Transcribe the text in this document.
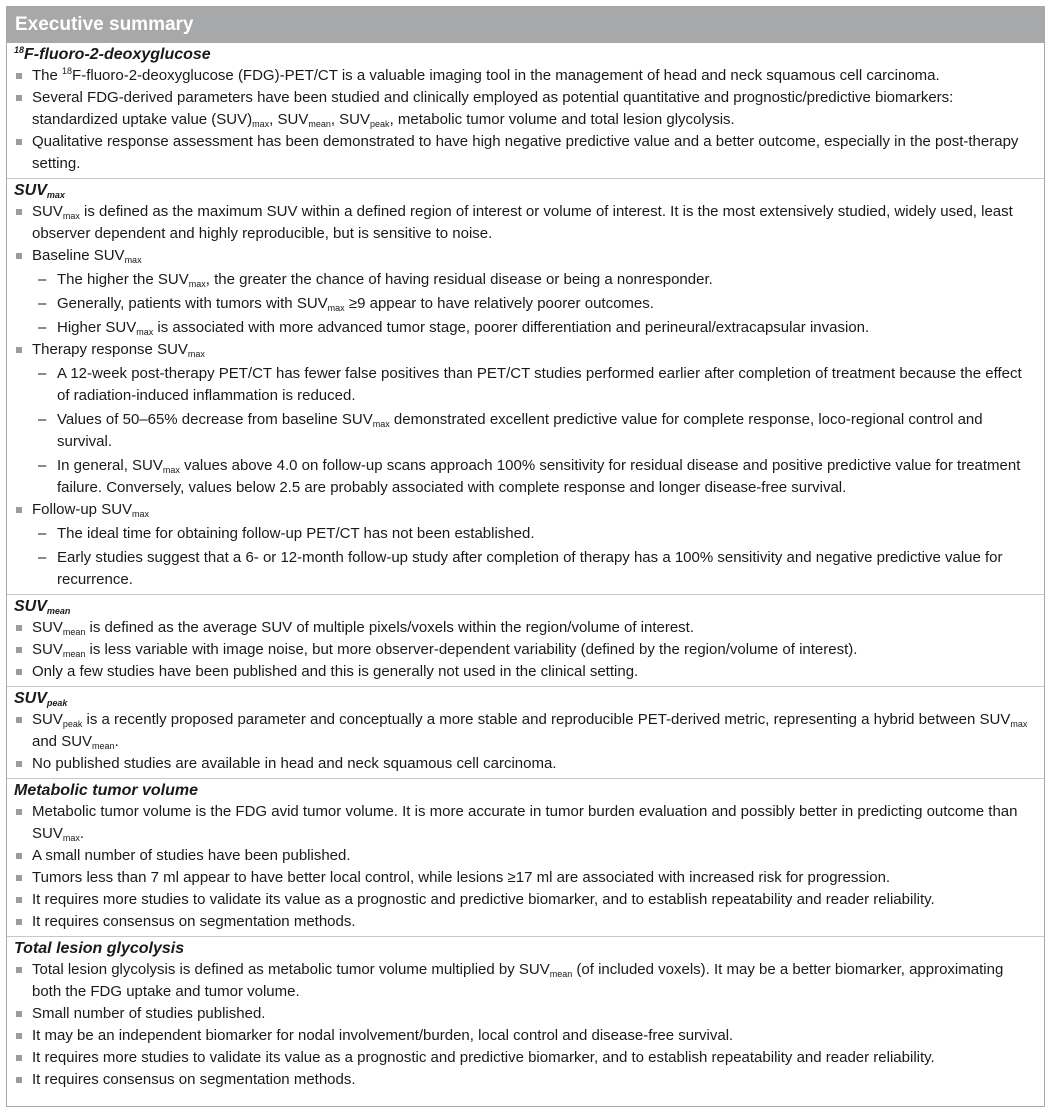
Executive summary
$^{18}$F-fluoro-2-deoxyglucose
The $^{18}$F-fluoro-2-deoxyglucose (FDG)-PET/CT is a valuable imaging tool in the management of head and neck squamous cell carcinoma.
Several FDG-derived parameters have been studied and clinically employed as potential quantitative and prognostic/predictive biomarkers: standardized uptake value $(SUV)_{max}$, $SUV_{mean}$, $SUV_{peak}$, metabolic tumor volume and total lesion glycolysis.
Qualitative response assessment has been demonstrated to have high negative predictive value and a better outcome, especially in the post-therapy setting.
$SUV_{max}$
$SUV_{max}$ is defined as the maximum SUV within a defined region of interest or volume of interest. It is the most extensively studied, widely used, least observer dependent and highly reproducible, but is sensitive to noise.
Baseline $SUV_{max}$
– The higher the $SUV_{max}$, the greater the chance of having residual disease or being a nonresponder.
– Generally, patients with tumors with $SUV_{max} \ge 9$ appear to have relatively poorer outcomes.
– Higher $SUV_{max}$ is associated with more advanced tumor stage, poorer differentiation and perineural/extracapsular invasion.
Therapy response $SUV_{max}$
– A 12-week post-therapy PET/CT has fewer false positives than PET/CT studies performed earlier after completion of treatment because the effect of radiation-induced inflammation is reduced.
– Values of 50–65% decrease from baseline $SUV_{max}$ demonstrated excellent predictive value for complete response, loco-regional control and survival.
– In general, $SUV_{max}$ values above 4.0 on follow-up scans approach 100% sensitivity for residual disease and positive predictive value for treatment failure. Conversely, values below 2.5 are probably associated with complete response and longer disease-free survival.
Follow-up $SUV_{max}$
– The ideal time for obtaining follow-up PET/CT has not been established.
– Early studies suggest that a 6- or 12-month follow-up study after completion of therapy has a 100% sensitivity and negative predictive value for recurrence.
$SUV_{mean}$
$SUV_{mean}$ is defined as the average SUV of multiple pixels/voxels within the region/volume of interest.
$SUV_{mean}$ is less variable with image noise, but more observer-dependent variability (defined by the region/volume of interest).
Only a few studies have been published and this is generally not used in the clinical setting.
$SUV_{peak}$
$SUV_{peak}$ is a recently proposed parameter and conceptually a more stable and reproducible PET-derived metric, representing a hybrid between $SUV_{max}$ and $SUV_{mean}$.
No published studies are available in head and neck squamous cell carcinoma.
Metabolic tumor volume
Metabolic tumor volume is the FDG avid tumor volume. It is more accurate in tumor burden evaluation and possibly better in predicting outcome than $SUV_{max}$.
A small number of studies have been published.
Tumors less than 7 ml appear to have better local control, while lesions ≥17 ml are associated with increased risk for progression.
It requires more studies to validate its value as a prognostic and predictive biomarker, and to establish repeatability and reader reliability.
It requires consensus on segmentation methods.
Total lesion glycolysis
Total lesion glycolysis is defined as metabolic tumor volume multiplied by $SUV_{mean}$ (of included voxels). It may be a better biomarker, approximating both the FDG uptake and tumor volume.
Small number of studies published.
It may be an independent biomarker for nodal involvement/burden, local control and disease-free survival.
It requires more studies to validate its value as a prognostic and predictive biomarker, and to establish repeatability and reader reliability.
It requires consensus on segmentation methods.
